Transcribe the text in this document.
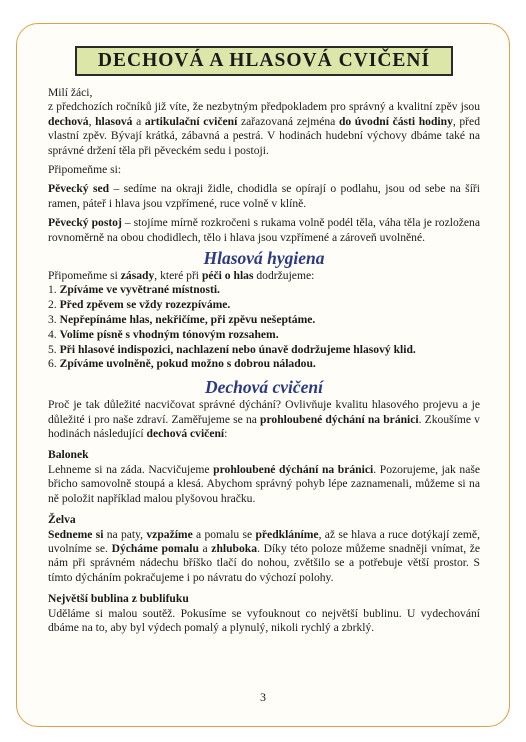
DECHOVÁ A HLASOVÁ CVIČENÍ

Milí žáci,

z předchozích ročníků již víte, že nezbytným předpokladem pro správný a kvalitní zpěv jsou dechová, hlasová a artikulační cvičení zařazovaná zejména do úvodní části hodiny, před vlastní zpěv. Bývají krátká, zábavná a pestrá. V hodinách hudební výchovy dbáme také na správné držení těla při pěveckém sedu i postoji.

Připomeňme si:

Pěvecký sed – sedíme na okraji židle, chodidla se opírají o podlahu, jsou od sebe na šíři ramen, páteř i hlava jsou vzpřímené, ruce volně v klíně.

Pěvecký postoj – stojíme mírně rozkročeni s rukama volně podél těla, váha těla je rozložena rovnoměrně na obou chodidlech, tělo i hlava jsou vzpřímené a zároveň uvolněné.

Hlasová hygiena

Připomeňme si zásady, které při péči o hlas dodržujeme:

1. Zpíváme ve vyvětrané místnosti.
2. Před zpěvem se vždy rozezpíváme.
3. Nepřepínáme hlas, nekřičíme, při zpěvu nešeptáme.
4. Volíme písně s vhodným tónovým rozsahem.
5. Při hlasové indispozici, nachlazení nebo únavě dodržujeme hlasový klid.
6. Zpíváme uvolněně, pokud možno s dobrou náladou.
Dechová cvičení

Proč je tak důležité nacvičovat správné dýchání? Ovlivňuje kvalitu hlasového projevu a je důležité i pro naše zdraví. Zaměřujeme se na prohloubené dýchání na bránici. Zkoušíme v hodinách následující dechová cvičení:

Balonek

Lehneme si na záda. Nacvičujeme prohloubené dýchání na bránici. Pozorujeme, jak naše břicho samovolně stoupá a klesá. Abychom správný pohyb lépe zaznamenali, můžeme si na ně položit například malou plyšovou hračku.

Želva

Sedneme si na paty, vzpažíme a pomalu se předkláníme, až se hlava a ruce dotýkají země, uvolníme se. Dýcháme pomalu a zhluboka. Díky této poloze můžeme snadněji vnímat, že nám při správném nádechu bříško tlačí do nohou, zvětšilo se a potřebuje větší prostor. S tímto dýcháním pokračujeme i po návratu do výchozí polohy.

Největší bublina z bublifuku

Uděláme si malou soutěž. Pokusíme se vyfouknout co největší bublinu. U vydechování dbáme na to, aby byl výdech pomalý a plynulý, nikoli rychlý a zbrklý.

3
